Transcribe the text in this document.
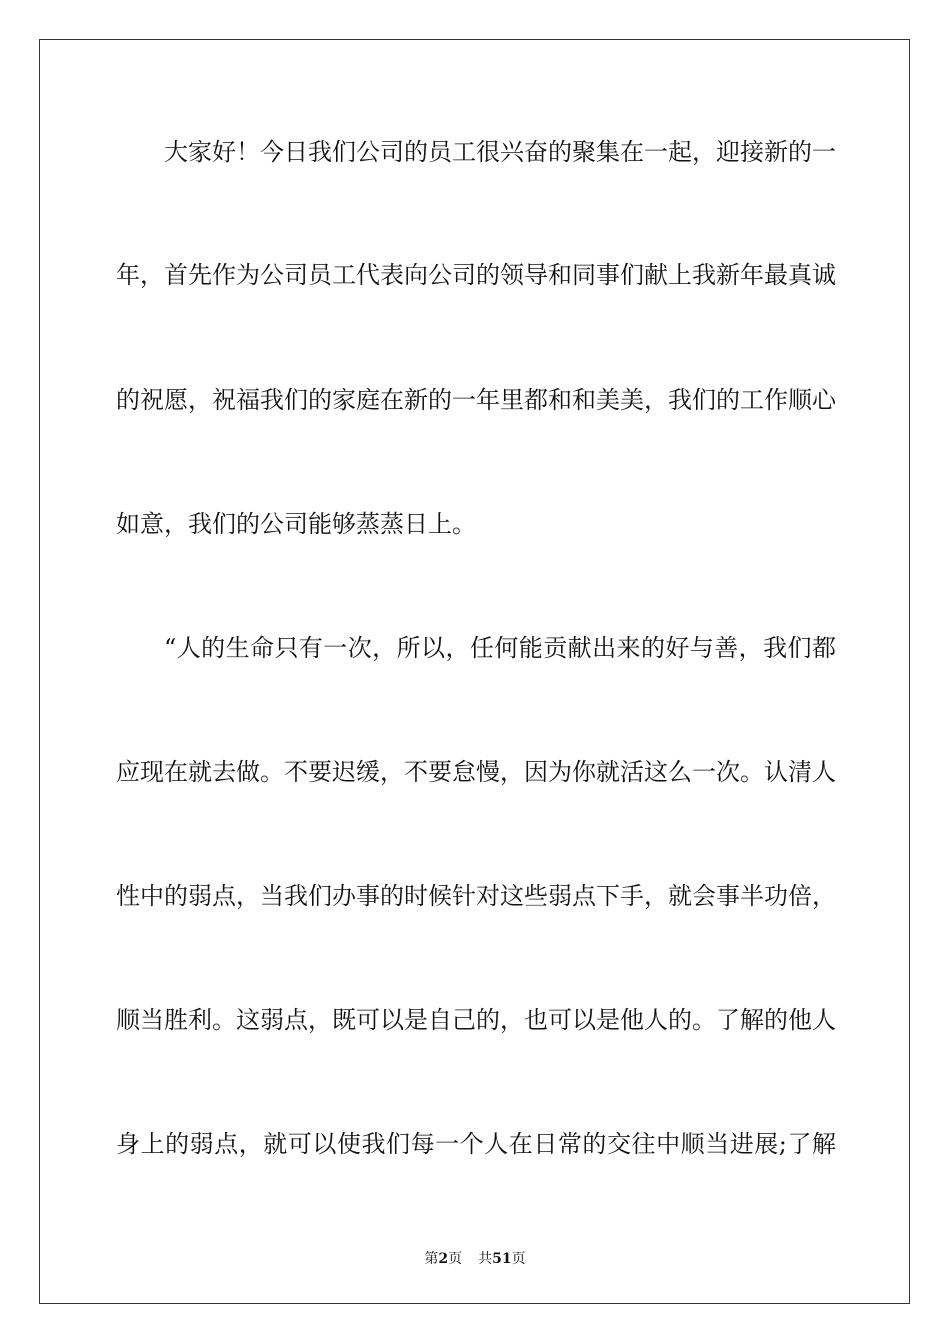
大家好！今日我们公司的员工很兴奋的聚集在一起，迎接新的一
年，首先作为公司员工代表向公司的领导和同事们献上我新年最真诚
的祝愿，祝福我们的家庭在新的一年里都和和美美，我们的工作顺心
如意，我们的公司能够蒸蒸日上。
“人的生命只有一次，所以，任何能贡献出来的好与善，我们都
应现在就去做。不要迟缓，不要怠慢，因为你就活这么一次。认清人
性中的弱点，当我们办事的时候针对这些弱点下手，就会事半功倍，
顺当胜利。这弱点，既可以是自己的，也可以是他人的。了解的他人
身上的弱点，就可以使我们每一个人在日常的交往中顺当进展;了解
第2页 共51页
